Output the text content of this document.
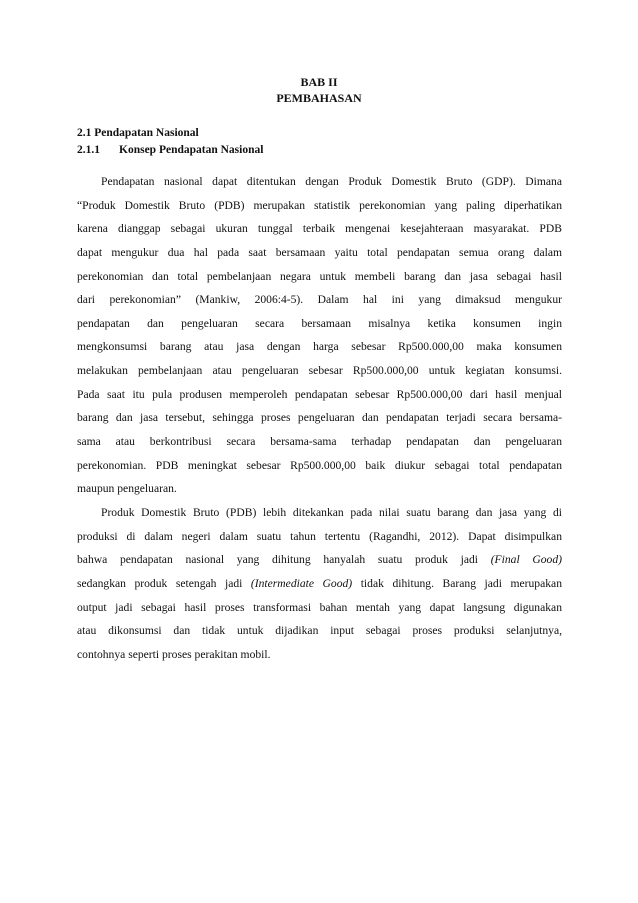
BAB II
PEMBAHASAN
2.1 Pendapatan Nasional
2.1.1 Konsep Pendapatan Nasional
Pendapatan nasional dapat ditentukan dengan Produk Domestik Bruto (GDP). Dimana
“Produk Domestik Bruto (PDB) merupakan statistik perekonomian yang paling diperhatikan
karena dianggap sebagai ukuran tunggal terbaik mengenai kesejahteraan masyarakat. PDB
dapat mengukur dua hal pada saat bersamaan yaitu total pendapatan semua orang dalam
perekonomian dan total pembelanjaan negara untuk membeli barang dan jasa sebagai hasil
dari perekonomian” (Mankiw, 2006:4-5). Dalam hal ini yang dimaksud mengukur
pendapatan dan pengeluaran secara bersamaan misalnya ketika konsumen ingin
mengkonsumsi barang atau jasa dengan harga sebesar Rp500.000,00 maka konsumen
melakukan pembelanjaan atau pengeluaran sebesar Rp500.000,00 untuk kegiatan konsumsi.
Pada saat itu pula produsen memperoleh pendapatan sebesar Rp500.000,00 dari hasil menjual
barang dan jasa tersebut, sehingga proses pengeluaran dan pendapatan terjadi secara bersama-
sama atau berkontribusi secara bersama-sama terhadap pendapatan dan pengeluaran
perekonomian. PDB meningkat sebesar Rp500.000,00 baik diukur sebagai total pendapatan
maupun pengeluaran.
Produk Domestik Bruto (PDB) lebih ditekankan pada nilai suatu barang dan jasa yang di
produksi di dalam negeri dalam suatu tahun tertentu (Ragandhi, 2012). Dapat disimpulkan
bahwa pendapatan nasional yang dihitung hanyalah suatu produk jadi (Final Good)
sedangkan produk setengah jadi (Intermediate Good) tidak dihitung. Barang jadi merupakan
output jadi sebagai hasil proses transformasi bahan mentah yang dapat langsung digunakan
atau dikonsumsi dan tidak untuk dijadikan input sebagai proses produksi selanjutnya,
contohnya seperti proses perakitan mobil.
